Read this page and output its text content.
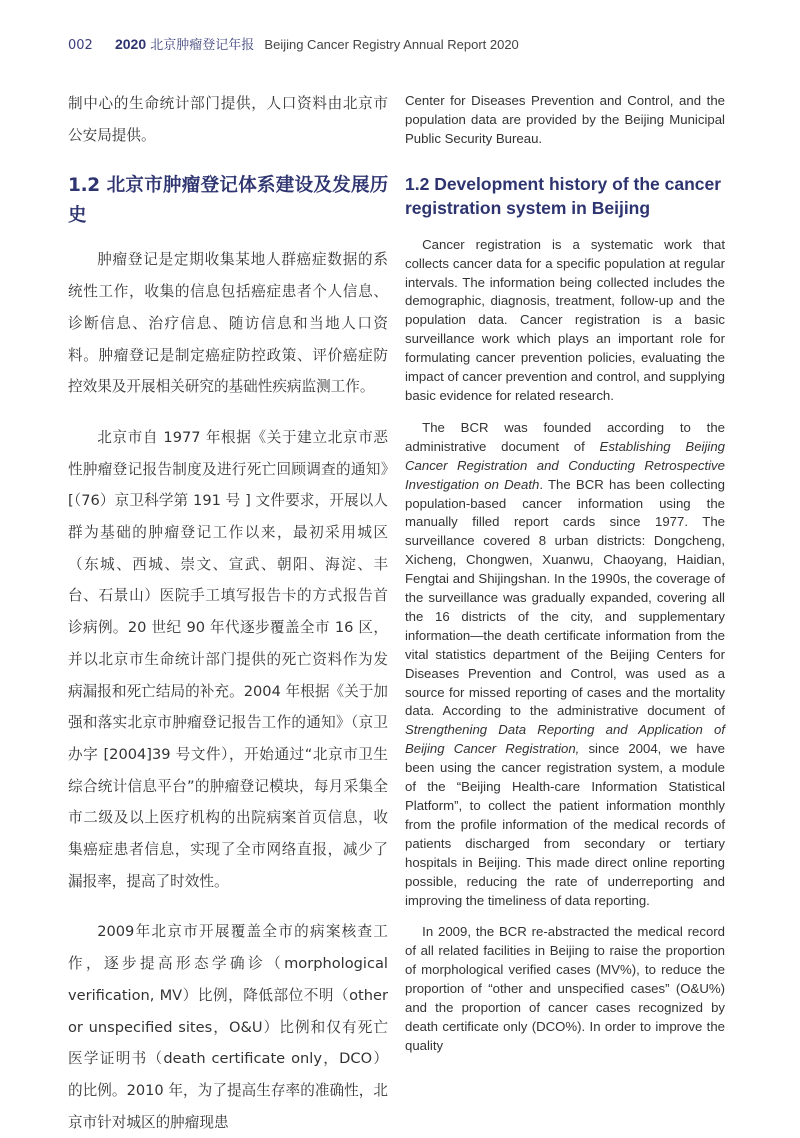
002 2020 北京肿瘤登记年报 Beijing Cancer Registry Annual Report 2020

制中心的生命统计部门提供，人口资料由北京市公安局提供。

1.2 北京市肿瘤登记体系建设及发展历史

肿瘤登记是定期收集某地人群癌症数据的系统性工作，收集的信息包括癌症患者个人信息、诊断信息、治疗信息、随访信息和当地人口资料。肿瘤登记是制定癌症防控政策、评价癌症防控效果及开展相关研究的基础性疾病监测工作。

北京市自 1977 年根据《关于建立北京市恶性肿瘤登记报告制度及进行死亡回顾调查的通知》[（76）京卫科学第 191 号 ] 文件要求，开展以人群为基础的肿瘤登记工作以来，最初采用城区（东城、西城、崇文、宣武、朝阳、海淀、丰台、石景山）医院手工填写报告卡的方式报告首诊病例。20 世纪 90 年代逐步覆盖全市 16 区，并以北京市生命统计部门提供的死亡资料作为发病漏报和死亡结局的补充。2004 年根据《关于加强和落实北京市肿瘤登记报告工作的通知》（京卫办字 [2004]39 号文件），开始通过“北京市卫生综合统计信息平台”的肿瘤登记模块，每月采集全市二级及以上医疗机构的出院病案首页信息，收集癌症患者信息，实现了全市网络直报，减少了漏报率，提高了时效性。

2009年北京市开展覆盖全市的病案核查工作，逐步提高形态学确诊（morphological verification, MV）比例，降低部位不明（other or unspecified sites，O&U）比例和仅有死亡医学证明书（death certificate only，DCO）的比例。2010 年，为了提高生存率的准确性，北京市针对城区的肿瘤现患

Center for Diseases Prevention and Control, and the population data are provided by the Beijing Municipal Public Security Bureau.

1.2 Development history of the cancer registration system in Beijing

Cancer registration is a systematic work that collects cancer data for a specific population at regular intervals. The information being collected includes the demographic, diagnosis, treatment, follow-up and the population data. Cancer registration is a basic surveillance work which plays an important role for formulating cancer prevention policies, evaluating the impact of cancer prevention and control, and supplying basic evidence for related research.

The BCR was founded according to the administrative document of Establishing Beijing Cancer Registration and Conducting Retrospective Investigation on Death. The BCR has been collecting population-based cancer information using the manually filled report cards since 1977. The surveillance covered 8 urban districts: Dongcheng, Xicheng, Chongwen, Xuanwu, Chaoyang, Haidian, Fengtai and Shijingshan. In the 1990s, the coverage of the surveillance was gradually expanded, covering all the 16 districts of the city, and supplementary information—the death certificate information from the vital statistics department of the Beijing Centers for Diseases Prevention and Control, was used as a source for missed reporting of cases and the mortality data. According to the administrative document of Strengthening Data Reporting and Application of Beijing Cancer Registration, since 2004, we have been using the cancer registration system, a module of the “Beijing Health-care Information Statistical Platform”, to collect the patient information monthly from the profile information of the medical records of patients discharged from secondary or tertiary hospitals in Beijing. This made direct online reporting possible, reducing the rate of underreporting and improving the timeliness of data reporting.

In 2009, the BCR re-abstracted the medical record of all related facilities in Beijing to raise the proportion of morphological verified cases (MV%), to reduce the proportion of “other and unspecified cases” (O&U%) and the proportion of cancer cases recognized by death certificate only (DCO%). In order to improve the quality
